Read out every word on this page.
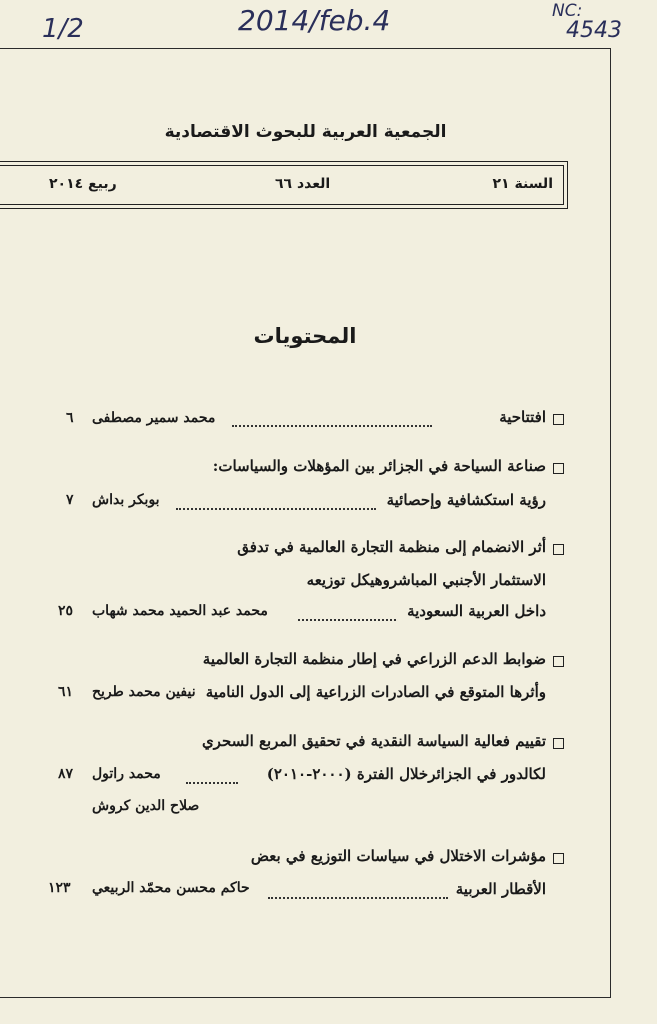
1/2	2014/feb.4	NC:
4543
الجمعية العربية للبحوث الاقتصادية
السنة ٢١
العدد ٦٦
ربيع ٢٠١٤
المحتويات
افتتاحية
محمد سمير مصطفى
٦
صناعة السياحة في الجزائر بين المؤهلات والسياسات:
رؤية استكشافية وإحصائية
بوبكر بداش
٧
أثر الانضمام إلى منظمة التجارة العالمية في تدفق
الاستثمار الأجنبي المباشروهيكل توزيعه
داخل العربية السعودية
محمد عبد الحميد محمد شهاب
٢٥
ضوابط الدعم الزراعي في إطار منظمة التجارة العالمية
وأثرها المتوقع في الصادرات الزراعية إلى الدول النامية
نيفين محمد طريح
٦١
تقييم فعالية السياسة النقدية في تحقيق المربع السحري
لكالدور في الجزائرخلال الفترة (٢٠٠٠-٢٠١٠)
محمد راتول
٨٧
صلاح الدين كروش
مؤشرات الاختلال في سياسات التوزيع في بعض
الأقطار العربية
حاكم محسن محمّد الربيعي
١٢٣
